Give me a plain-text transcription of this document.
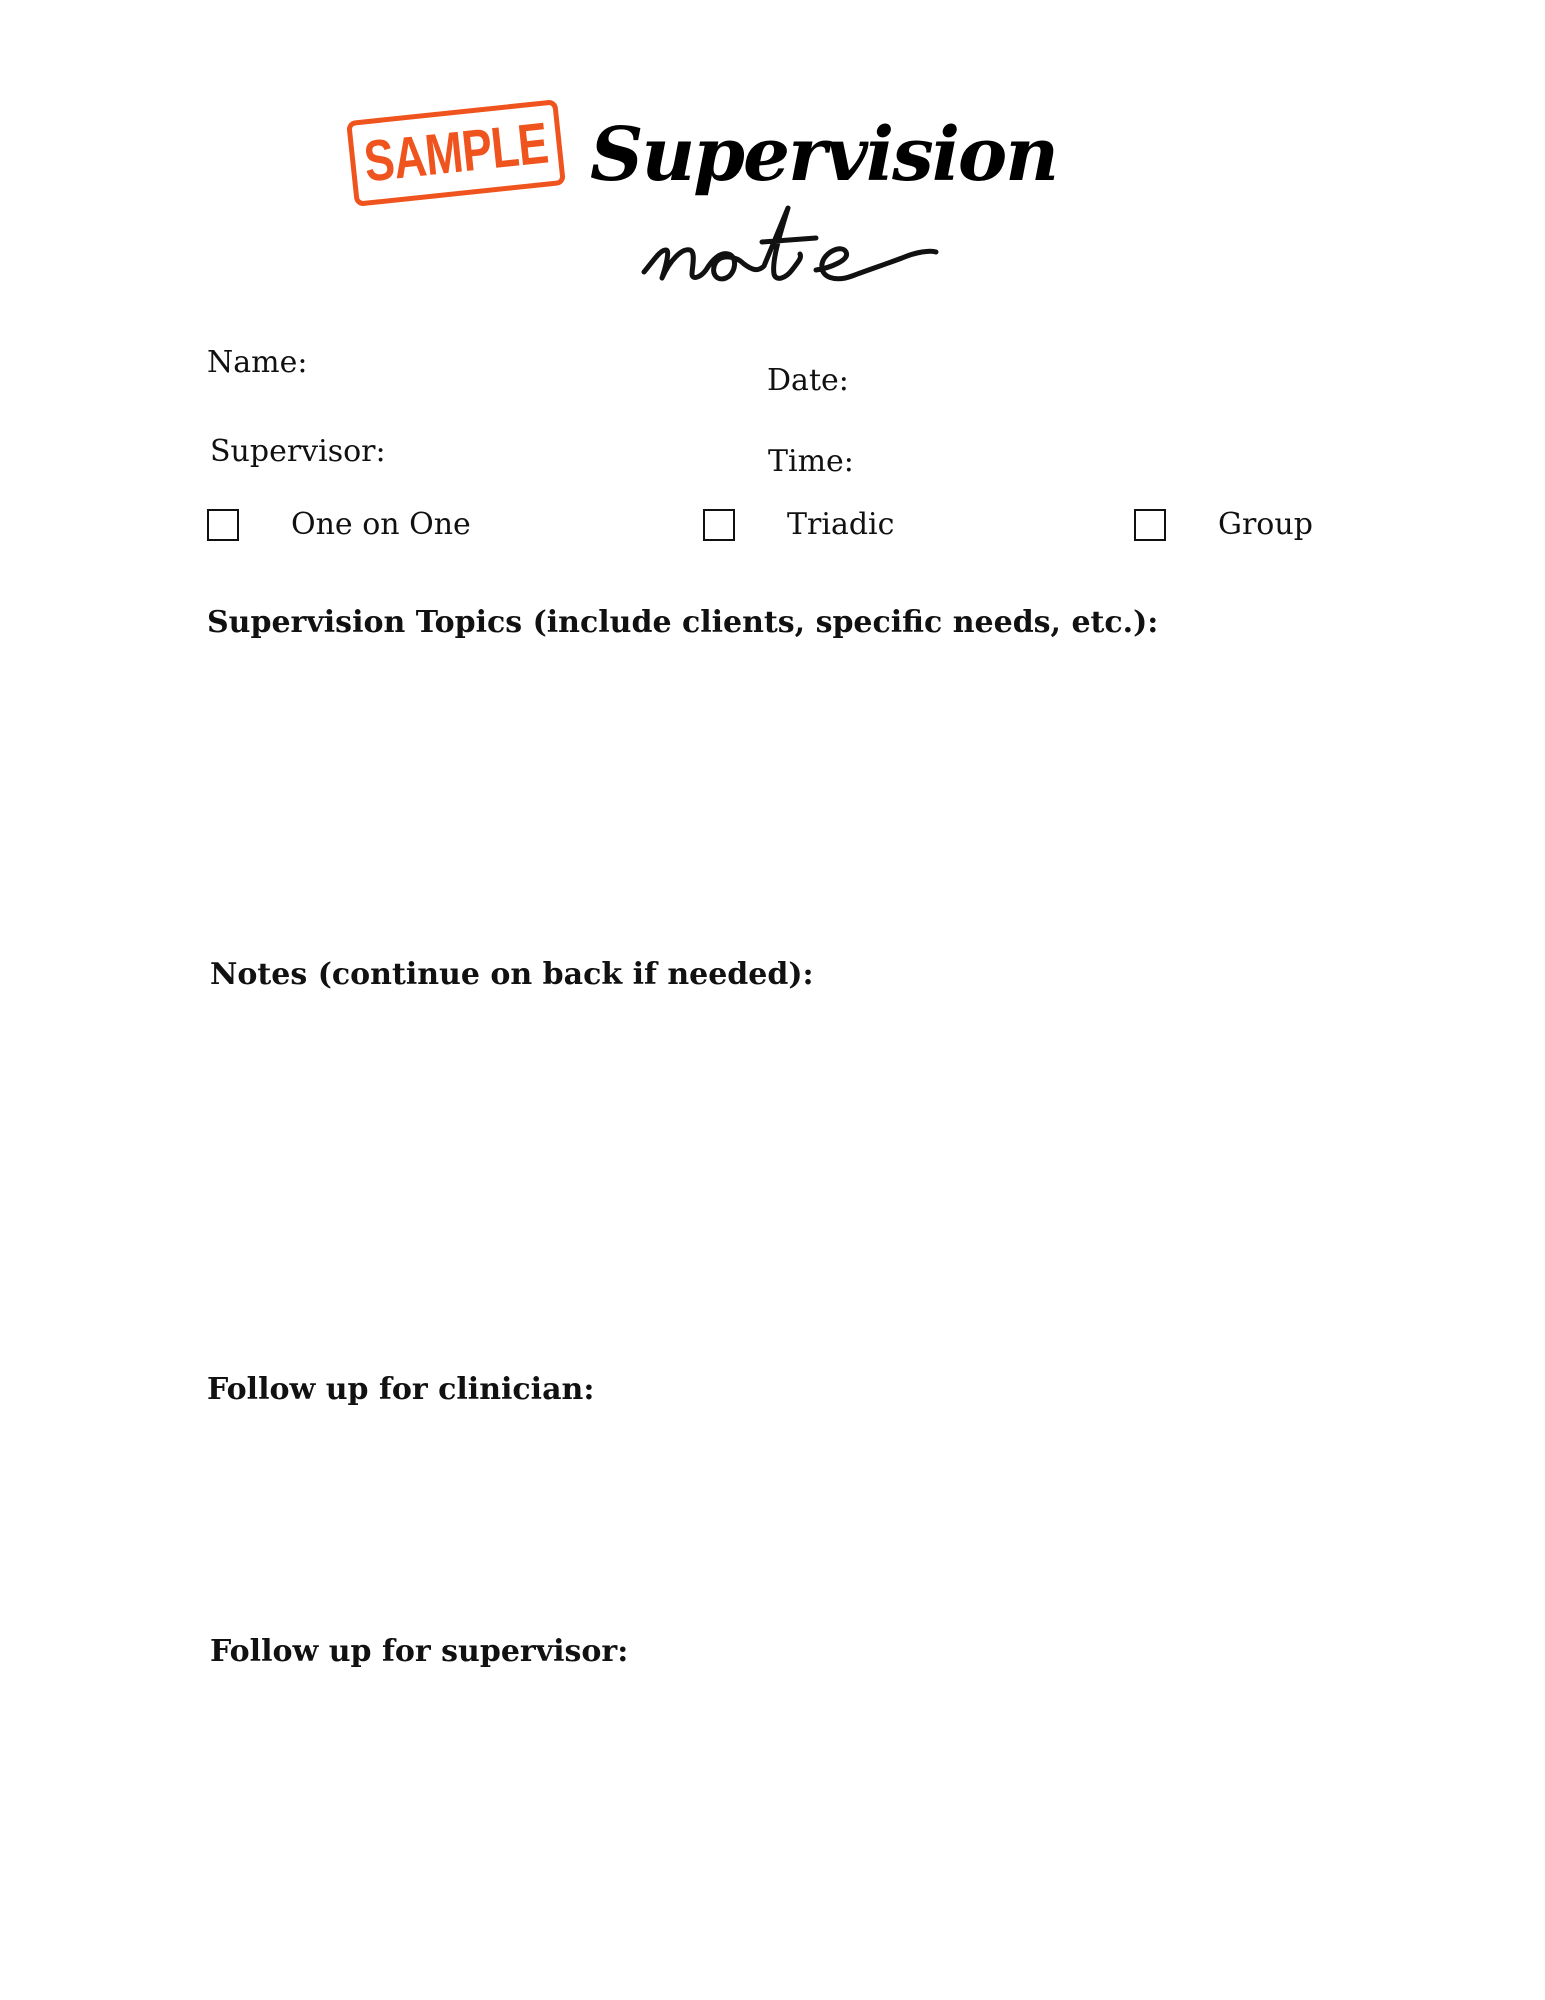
SAMPLE Supervision
Name:
Date:
Supervisor:	Time:
One on One	Triadic	Group
Supervision Topics (include clients, specific needs, etc.):
Notes (continue on back if needed):
Follow up for clinician:
Follow up for supervisor:
